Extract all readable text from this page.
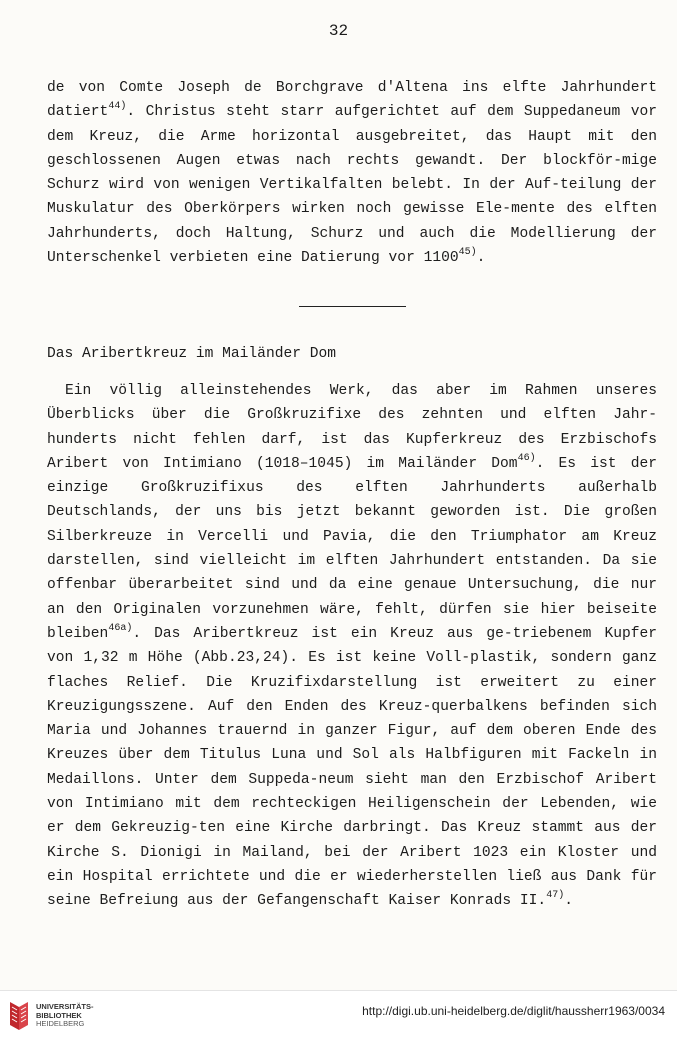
32
de von Comte Joseph de Borchgrave d'Altena ins elfte Jahrhundert datiert$^{44)}$. Christus steht starr aufgerichtet auf dem Suppedaneum vor dem Kreuz, die Arme horizontal ausgebreitet, das Haupt mit den geschlossenen Augen etwas nach rechts gewandt. Der blockför-mige Schurz wird von wenigen Vertikalfalten belebt. In der Auf-teilung der Muskulatur des Oberkörpers wirken noch gewisse Ele-mente des elften Jahrhunderts, doch Haltung, Schurz und auch die Modellierung der Unterschenkel verbieten eine Datierung vor 1100$^{45)}$.
Das Aribertkreuz im Mailänder Dom
Ein völlig alleinstehendes Werk, das aber im Rahmen unseres Überblicks über die Großkruzifixe des zehnten und elften Jahr-hunderts nicht fehlen darf, ist das Kupferkreuz des Erzbischofs Aribert von Intimiano (1018–1045) im Mailänder Dom$^{46)}$. Es ist der einzige Großkruzifixus des elften Jahrhunderts außerhalb Deutschlands, der uns bis jetzt bekannt geworden ist. Die großen Silberkreuze in Vercelli und Pavia, die den Triumphator am Kreuz darstellen, sind vielleicht im elften Jahrhundert entstanden. Da sie offenbar überarbeitet sind und da eine genaue Untersuchung, die nur an den Originalen vorzunehmen wäre, fehlt, dürfen sie hier beiseite bleiben$^{46a)}$. Das Aribertkreuz ist ein Kreuz aus ge-triebenem Kupfer von 1,32 m Höhe (Abb.23,24). Es ist keine Voll-plastik, sondern ganz flaches Relief. Die Kruzifixdarstellung ist erweitert zu einer Kreuzigungsszene. Auf den Enden des Kreuz-querbalkens befinden sich Maria und Johannes trauernd in ganzer Figur, auf dem oberen Ende des Kreuzes über dem Titulus Luna und Sol als Halbfiguren mit Fackeln in Medaillons. Unter dem Suppeda-neum sieht man den Erzbischof Aribert von Intimiano mit dem rechteckigen Heiligenschein der Lebenden, wie er dem Gekreuzig-ten eine Kirche darbringt. Das Kreuz stammt aus der Kirche S. Dionigi in Mailand, bei der Aribert 1023 ein Kloster und ein Hospital errichtete und die er wiederherstellen ließ aus Dank für seine Befreiung aus der Gefangenschaft Kaiser Konrads II.$^{47)}$.
UNIVERSITÄTS-
BIBLIOTHEK
HEIDELBERG
http://digi.ub.uni-heidelberg.de/diglit/haussherr1963/0034
